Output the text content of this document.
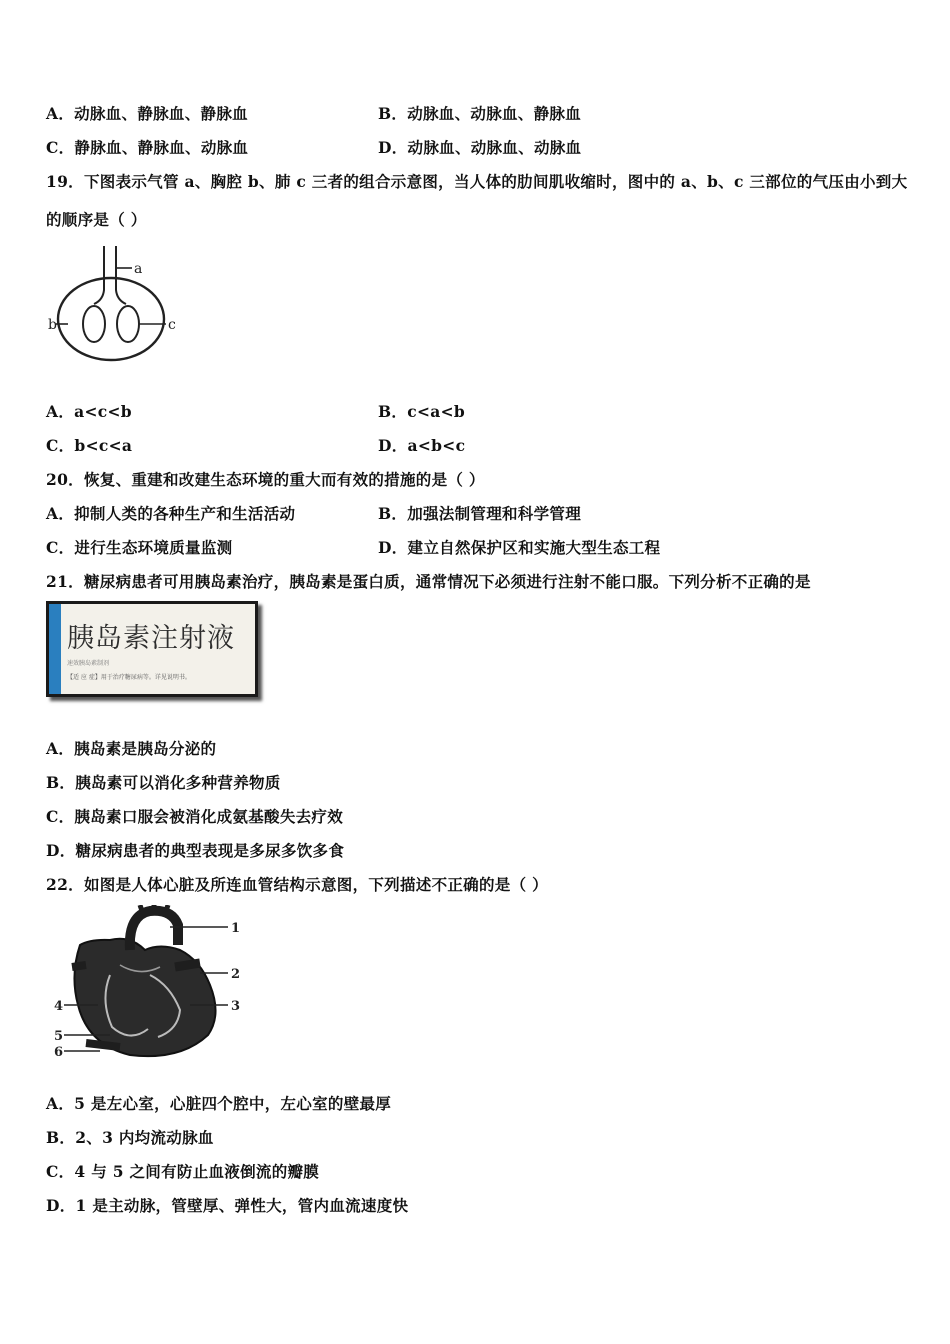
A．动脉血、静脉血、静脉血	B．动脉血、动脉血、静脉血
C．静脉血、静脉血、动脉血	D．动脉血、动脉血、动脉血
19．下图表示气管 a、胸腔 b、肺 c 三者的组合示意图，当人体的肋间肌收缩时，图中的 a、b、c 三部位的气压由小到大
的顺序是（ ）
a
b	c
A．a<c<b	B．c<a<b
C．b<c<a	D．a<b<c
20．恢复、重建和改建生态环境的重大而有效的措施的是（ ）
A．抑制人类的各种生产和生活活动	B．加强法制管理和科学管理
C．进行生态环境质量监测	D．建立自然保护区和实施大型生态工程
21．糖尿病患者可用胰岛素治疗，胰岛素是蛋白质，通常情况下必须进行注射不能口服。下列分析不正确的是
胰岛素注射液
速效胰岛素制剂
【适 应 症】用于治疗糖尿病等。详见说明书。
A．胰岛素是胰岛分泌的
B．胰岛素可以消化多种营养物质
C．胰岛素口服会被消化成氨基酸失去疗效
D．糖尿病患者的典型表现是多尿多饮多食
22．如图是人体心脏及所连血管结构示意图，下列描述不正确的是（ ）
1
2
3
4
5
6
A．5 是左心室，心脏四个腔中，左心室的壁最厚
B．2、3 内均流动脉血
C．4 与 5 之间有防止血液倒流的瓣膜
D．1 是主动脉，管壁厚、弹性大，管内血流速度快
